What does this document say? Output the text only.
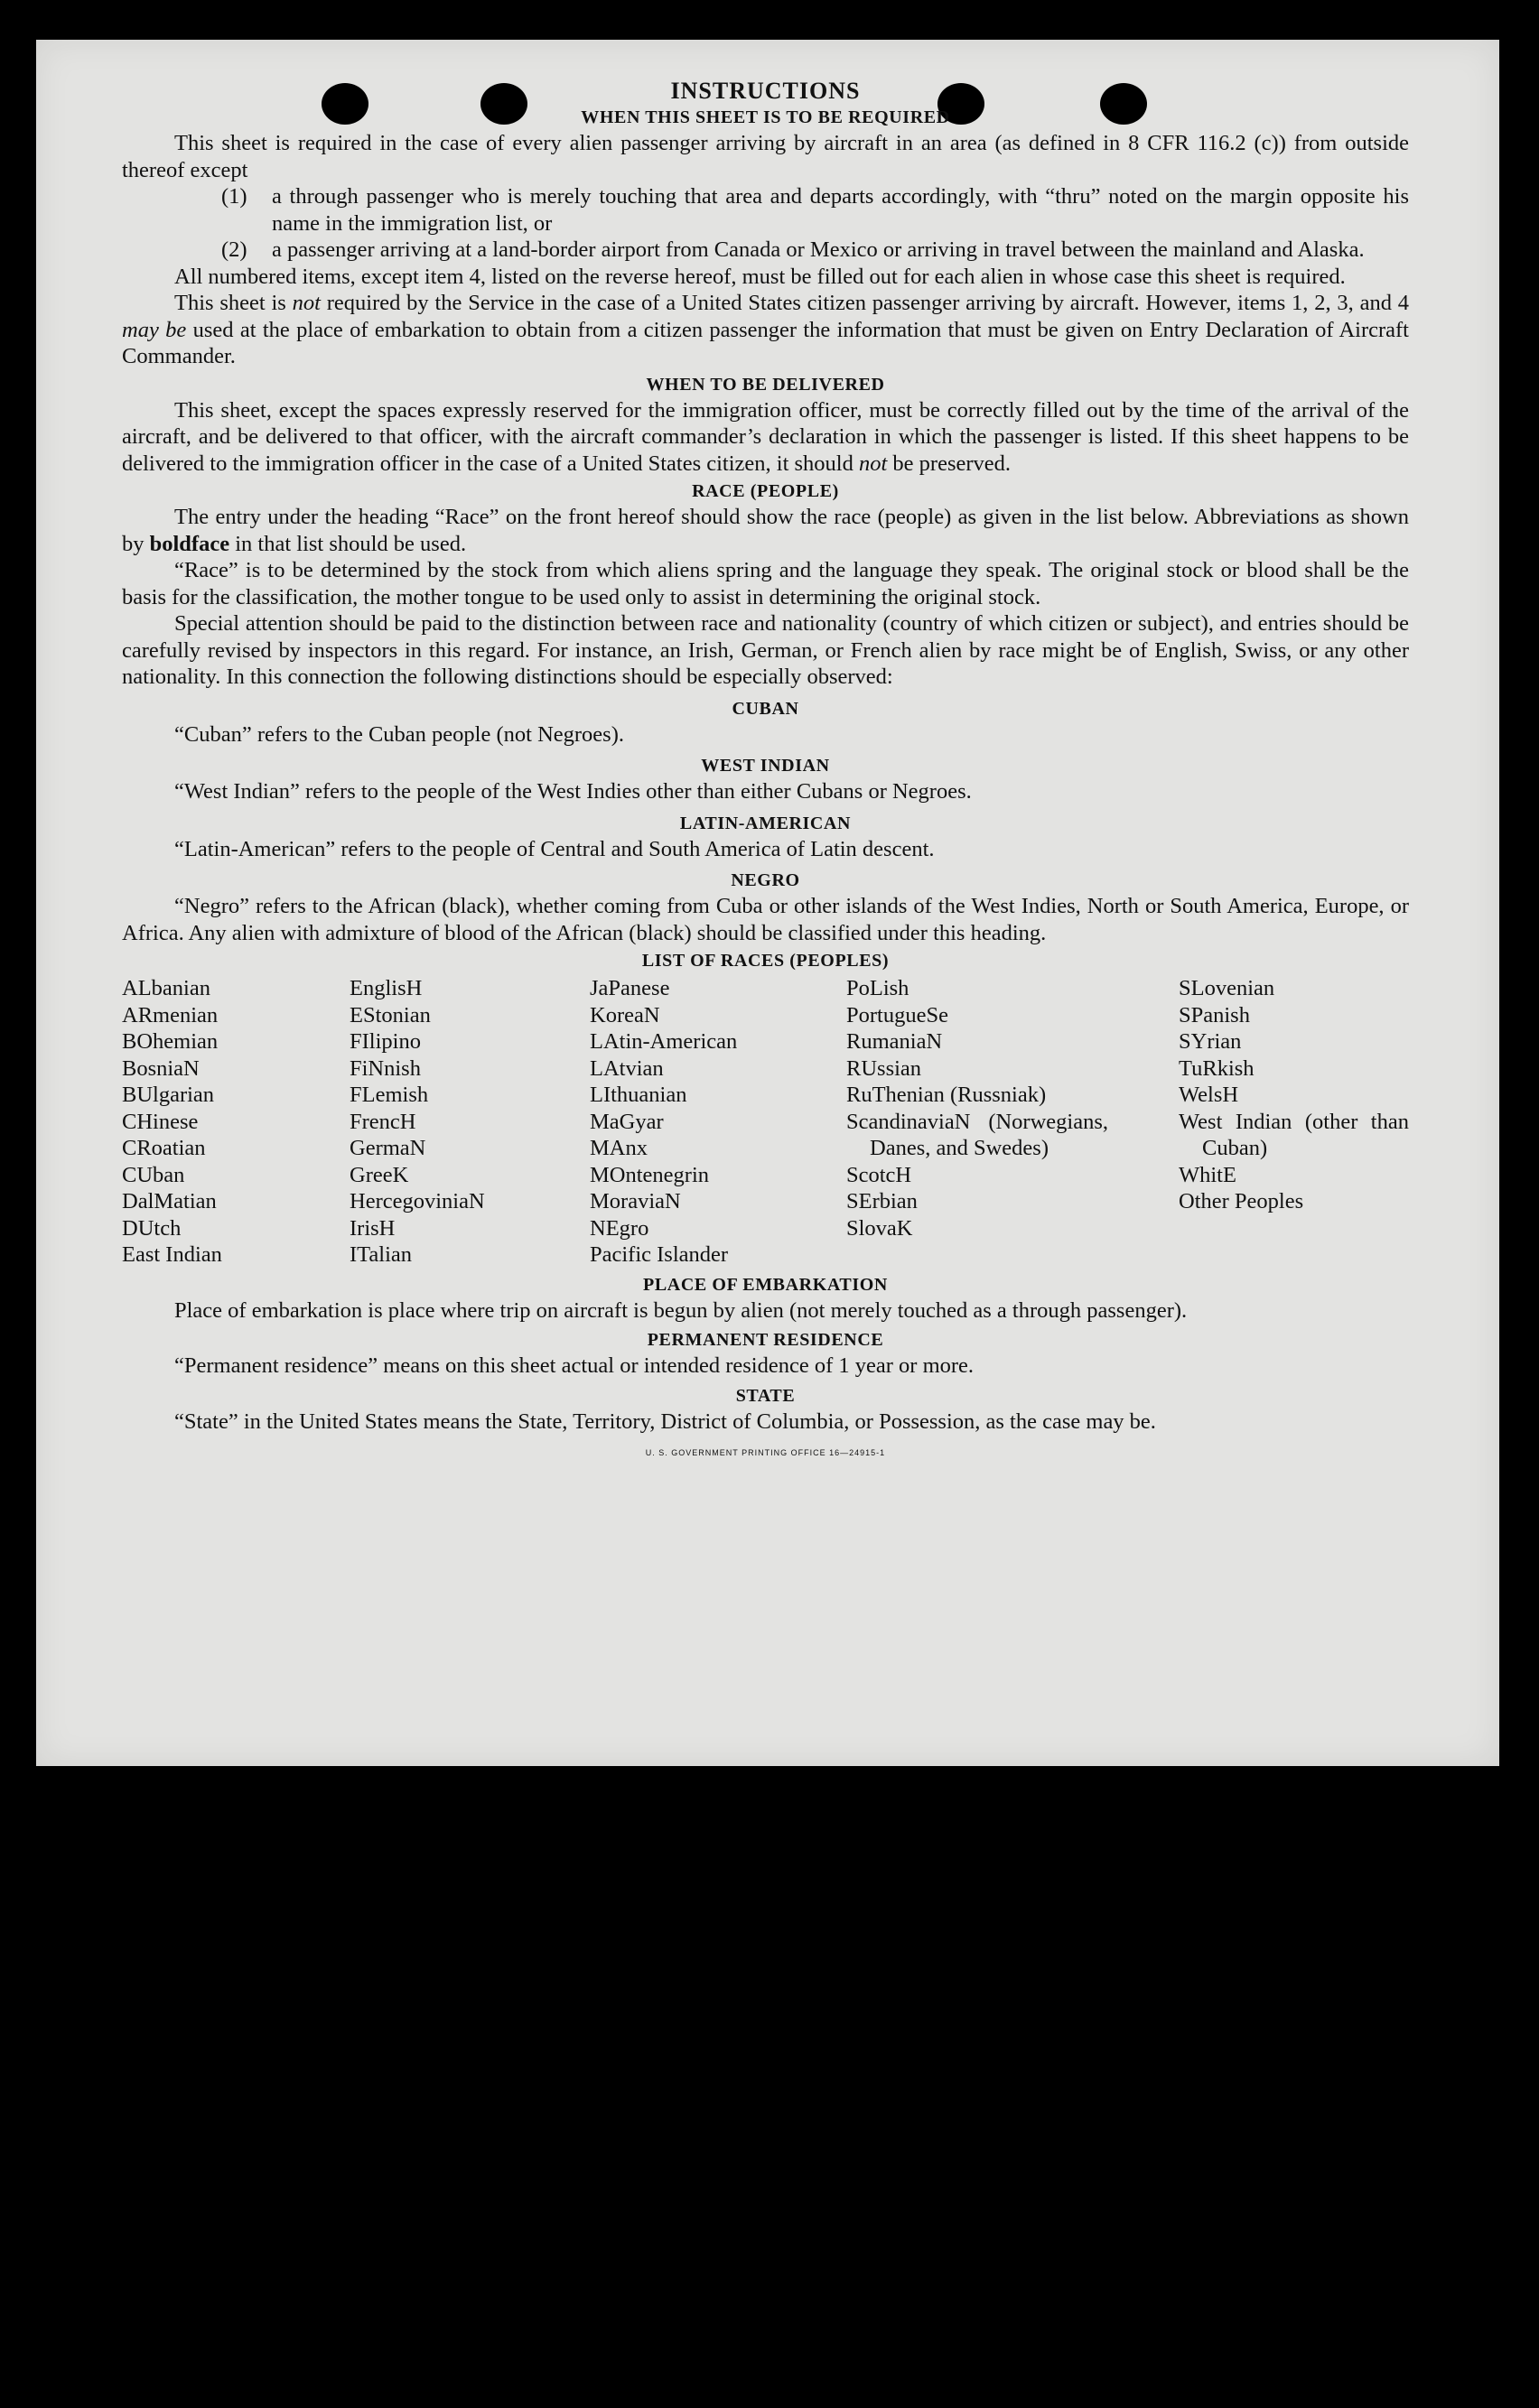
INSTRUCTIONS
WHEN THIS SHEET IS TO BE REQUIRED

This sheet is required in the case of every alien passenger arriving by aircraft in an area (as defined in 8 CFR 116.2 (c)) from outside thereof except

(1)	a through passenger who is merely touching that area and departs accordingly, with “thru” noted on the margin opposite his name in the immigration list, or
(2)	a passenger arriving at a land-border airport from Canada or Mexico or arriving in travel between the mainland and Alaska.

All numbered items, except item 4, listed on the reverse hereof, must be filled out for each alien in whose case this sheet is required.

This sheet is not required by the Service in the case of a United States citizen passenger arriving by aircraft. However, items 1, 2, 3, and 4 may be used at the place of embarkation to obtain from a citizen passenger the information that must be given on Entry Declaration of Aircraft Commander.

WHEN TO BE DELIVERED

This sheet, except the spaces expressly reserved for the immigration officer, must be correctly filled out by the time of the arrival of the aircraft, and be delivered to that officer, with the aircraft commander’s declaration in which the passenger is listed. If this sheet happens to be delivered to the immigration officer in the case of a United States citizen, it should not be preserved.

RACE (PEOPLE)

The entry under the heading “Race” on the front hereof should show the race (people) as given in the list below. Abbreviations as shown by boldface in that list should be used.

“Race” is to be determined by the stock from which aliens spring and the language they speak. The original stock or blood shall be the basis for the classification, the mother tongue to be used only to assist in determining the original stock.

Special attention should be paid to the distinction between race and nationality (country of which citizen or subject), and entries should be carefully revised by inspectors in this regard. For instance, an Irish, German, or French alien by race might be of English, Swiss, or any other nationality. In this connection the following distinctions should be especially observed:

CUBAN

“Cuban” refers to the Cuban people (not Negroes).

WEST INDIAN

“West Indian” refers to the people of the West Indies other than either Cubans or Negroes.

LATIN-AMERICAN

“Latin-American” refers to the people of Central and South America of Latin descent.

NEGRO

“Negro” refers to the African (black), whether coming from Cuba or other islands of the West Indies, North or South America, Europe, or Africa. Any alien with admixture of blood of the African (black) should be classified under this heading.

LIST OF RACES (PEOPLES)
ALbanian
ARmenian
BOhemian
BosniaN
BUlgarian
CHinese
CRoatian
CUban
DalMatian
DUtch
East Indian
EnglisH
EStonian
FIlipino
FiNnish
FLemish
FrencH
GermaN
GreeK
HercegoviniaN
IrisH
ITalian
JaPanese
KoreaN
LAtin-American
LAtvian
LIthuanian
MaGyar
MAnx
MOntenegrin
MoraviaN
NEgro
Pacific Islander
PoLish
PortugueSe
RumaniaN
RUssian
RuThenian (Russniak)
ScandinaviaN (Norwegians, Danes, and Swedes)
ScotcH
SErbian
SlovaK
SLovenian
SPanish
SYrian
TuRkish
WelsH
West Indian (other than Cuban)
WhitE
Other Peoples
PLACE OF EMBARKATION

Place of embarkation is place where trip on aircraft is begun by alien (not merely touched as a through passenger).

PERMANENT RESIDENCE

“Permanent residence” means on this sheet actual or intended residence of 1 year or more.

STATE

“State” in the United States means the State, Territory, District of Columbia, or Possession, as the case may be.

U. S. GOVERNMENT PRINTING OFFICE 16—24915-1
